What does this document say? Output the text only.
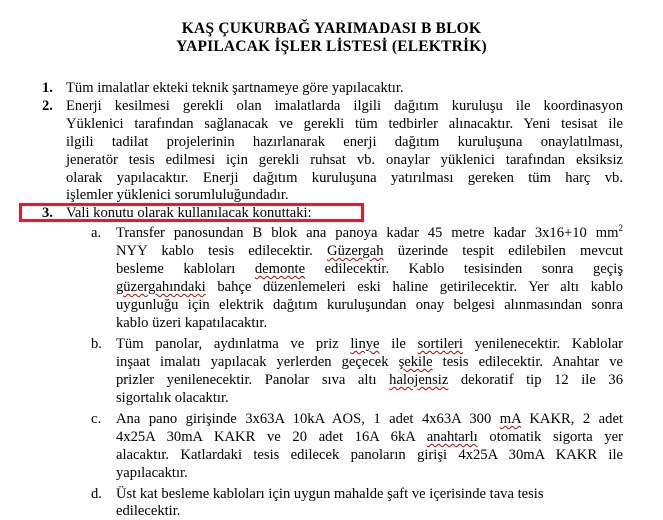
KAŞ ÇUKURBAĞ YARIMADASI B BLOK
YAPILACAK İŞLER LİSTESİ (ELEKTRİK)
1. Tüm imalatlar ekteki teknik şartnameye göre yapılacaktır.
2. Enerji kesilmesi gerekli olan imalatlarda ilgili dağıtım kuruluşu ile koordinasyon
Yüklenici tarafından sağlanacak ve gerekli tüm tedbirler alınacaktır. Yeni tesisat ile
ilgili tadilat projelerinin hazırlanarak enerji dağıtım kuruluşuna onaylatılması,
jeneratör tesis edilmesi için gerekli ruhsat vb. onaylar yüklenici tarafından eksiksiz
olarak yapılacaktır. Enerji dağıtım kuruluşuna yatırılması gereken tüm harç vb.
işlemler yüklenici sorumluluğundadır.
3. Vali konutu olarak kullanılacak konuttaki:
a. Transfer panosundan B blok ana panoya kadar 45 metre kadar 3x16+10 $mm^2$
NYY kablo tesis edilecektir. Güzergah üzerinde tespit edilebilen mevcut
besleme kabloları demonte edilecektir. Kablo tesisinden sonra geçiş
güzergahındaki bahçe düzenlemeleri eski haline getirilecektir. Yer altı kablo
uygunluğu için elektrik dağıtım kuruluşundan onay belgesi alınmasından sonra
kablo üzeri kapatılacaktır.
b. Tüm panolar, aydınlatma ve priz linye ile sortileri yenilenecektir. Kablolar
inşaat imalatı yapılacak yerlerden geçecek şekile tesis edilecektir. Anahtar ve
prizler yenilenecektir. Panolar sıva altı halojensiz dekoratif tip 12 ile 36
sigortalık olacaktır.
c. Ana pano girişinde 3x63A 10kA AOS, 1 adet 4x63A 300 mA KAKR, 2 adet
4x25A 30mA KAKR ve 20 adet 16A 6kA anahtarlı otomatik sigorta yer
alacaktır. Katlardaki tesis edilecek panoların girişi 4x25A 30mA KAKR ile
yapılacaktır.
d. Üst kat besleme kabloları için uygun mahalde şaft ve içerisinde tava tesis
edilecektir.
